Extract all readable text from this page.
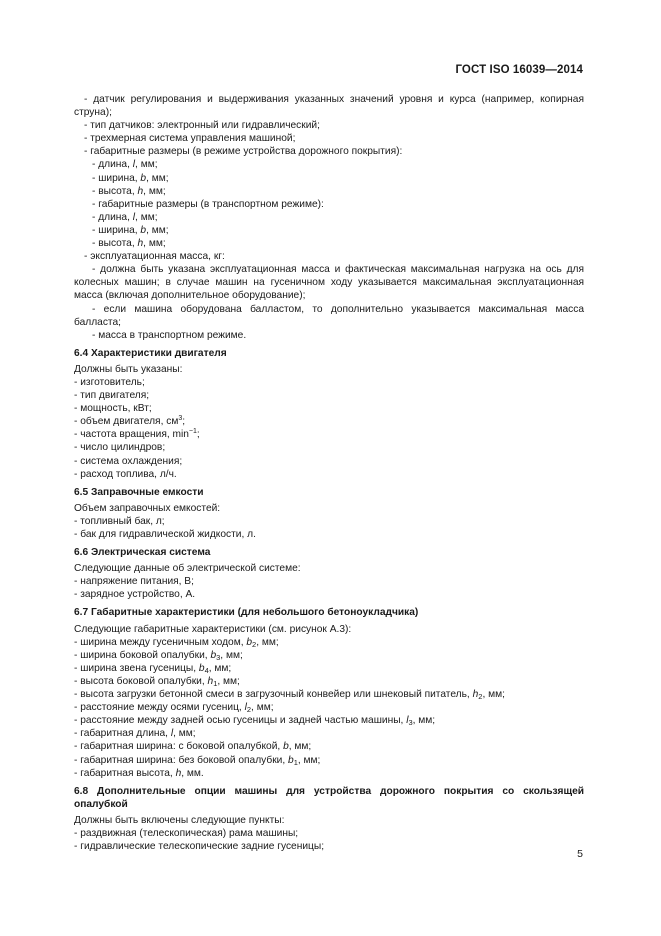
ГОСТ ISO 16039—2014

- датчик регулирования и выдерживания указанных значений уровня и курса (например, копирная струна);

- тип датчиков: электронный или гидравлический;

- трехмерная система управления машиной;

- габаритные размеры (в режиме устройства дорожного покрытия):

- длина, l, мм;

- ширина, b, мм;

- высота, h, мм;

- габаритные размеры (в транспортном режиме):

- длина, l, мм;

- ширина, b, мм;

- высота, h, мм;

- эксплуатационная масса, кг:

- должна быть указана эксплуатационная масса и фактическая максимальная нагрузка на ось для колесных машин; в случае машин на гусеничном ходу указывается максимальная эксплуатационная масса (включая дополнительное оборудование);

- если машина оборудована балластом, то дополнительно указывается максимальная масса балласта;

- масса в транспортном режиме.

6.4 Характеристики двигателя

Должны быть указаны:

- изготовитель;

- тип двигателя;

- мощность, кВт;

- объем двигателя, $см^3$;

- частота вращения, $\min^{-1}$;

- число цилиндров;

- система охлаждения;

- расход топлива, л/ч.

6.5 Заправочные емкости

Объем заправочных емкостей:

- топливный бак, л;

- бак для гидравлической жидкости, л.

6.6 Электрическая система

Следующие данные об электрической системе:

- напряжение питания, В;

- зарядное устройство, А.

6.7 Габаритные характеристики (для небольшого бетоноукладчика)

Следующие габаритные характеристики (см. рисунок А.3):

- ширина между гусеничным ходом, $b_2$, мм;

- ширина боковой опалубки, $b_3$, мм;

- ширина звена гусеницы, $b_4$, мм;

- высота боковой опалубки, $h_1$, мм;

- высота загрузки бетонной смеси в загрузочный конвейер или шнековый питатель, $h_2$, мм;

- расстояние между осями гусениц, $l_2$, мм;

- расстояние между задней осью гусеницы и задней частью машины, $l_3$, мм;

- габаритная длина, l, мм;

- габаритная ширина: с боковой опалубкой, b, мм;

- габаритная ширина: без боковой опалубки, $b_1$, мм;

- габаритная высота, h, мм.

6.8 Дополнительные опции машины для устройства дорожного покрытия со скользящей опалубкой

Должны быть включены следующие пункты:

- раздвижная (телескопическая) рама машины;

- гидравлические телескопические задние гусеницы;

5
